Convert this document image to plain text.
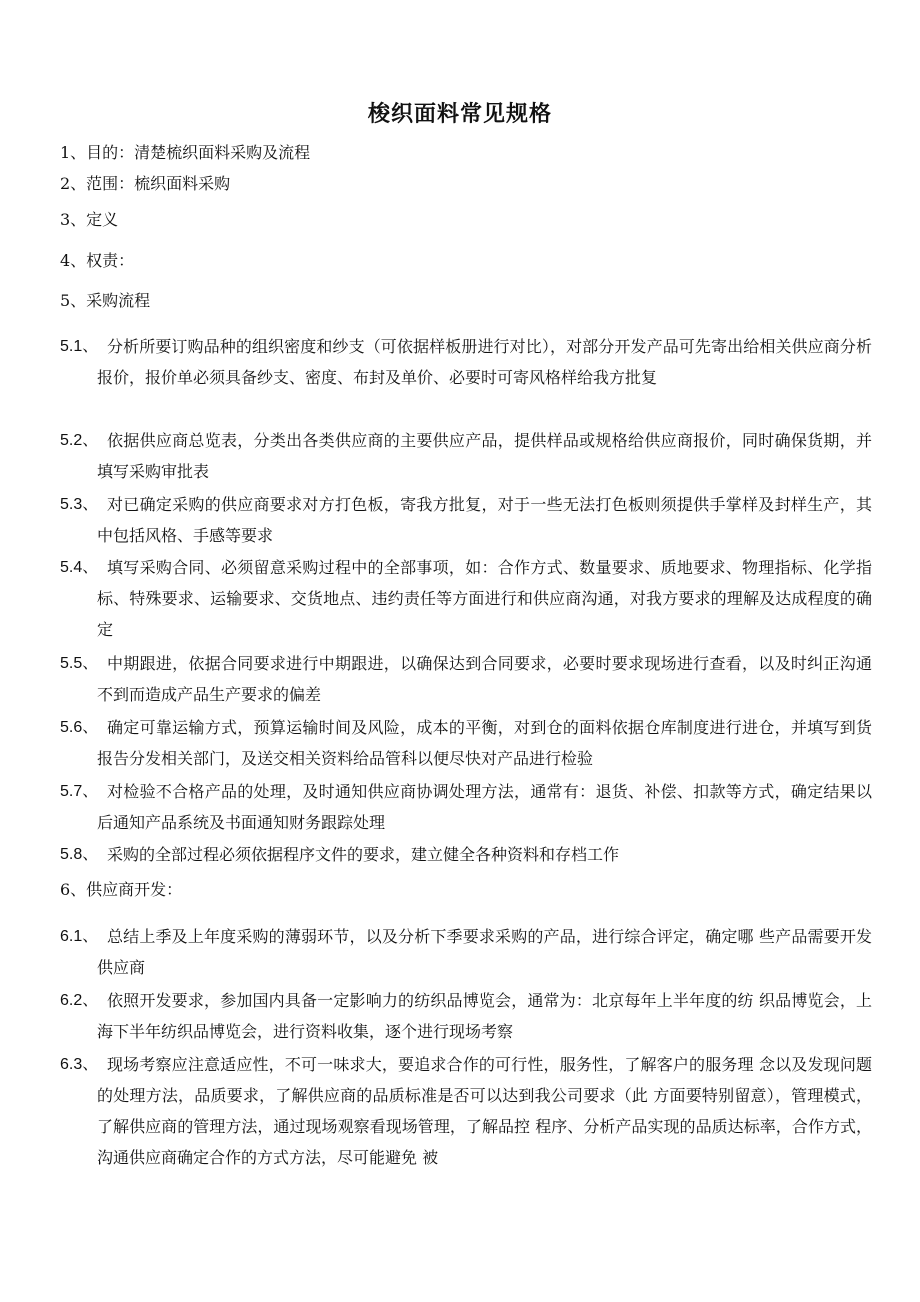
梭织面料常见规格
1、目的：清楚梳织面料采购及流程
2、范围：梳织面料采购
3、定义
4、权责：
5、采购流程
5.1、 分析所要订购品种的组织密度和纱支（可依据样板册进行对比），对部分开发产品可先寄出给相关供应商分析报价，报价单必须具备纱支、密度、布封及单价、必要时可寄风格样给我方批复
5.2、 依据供应商总览表，分类出各类供应商的主要供应产品，提供样品或规格给供应商报价，同时确保货期，并填写采购审批表
5.3、 对已确定采购的供应商要求对方打色板，寄我方批复，对于一些无法打色板则须提供手掌样及封样生产，其中包括风格、手感等要求
5.4、 填写采购合同、必须留意采购过程中的全部事项，如：合作方式、数量要求、质地要求、物理指标、化学指标、特殊要求、运输要求、交货地点、违约责任等方面进行和供应商沟通，对我方要求的理解及达成程度的确定
5.5、 中期跟进，依据合同要求进行中期跟进，以确保达到合同要求，必要时要求现场进行查看，以及时纠正沟通不到而造成产品生产要求的偏差
5.6、 确定可靠运输方式，预算运输时间及风险，成本的平衡，对到仓的面料依据仓库制度进行进仓，并填写到货报告分发相关部门，及送交相关资料给品管科以便尽快对产品进行检验
5.7、 对检验不合格产品的处理，及时通知供应商协调处理方法，通常有：退货、补偿、扣款等方式，确定结果以后通知产品系统及书面通知财务跟踪处理
5.8、 采购的全部过程必须依据程序文件的要求，建立健全各种资料和存档工作
6、供应商开发：
6.1、 总结上季及上年度采购的薄弱环节，以及分析下季要求采购的产品，进行综合评定，确定哪 些产品需要开发供应商
6.2、 依照开发要求，参加国内具备一定影响力的纺织品博览会，通常为：北京每年上半年度的纺 织品博览会，上海下半年纺织品博览会，进行资料收集，逐个进行现场考察
6.3、 现场考察应注意适应性，不可一味求大，要追求合作的可行性，服务性，了解客户的服务理 念以及发现问题的处理方法，品质要求，了解供应商的品质标准是否可以达到我公司要求（此 方面要特别留意），管理模式，了解供应商的管理方法，通过现场观察看现场管理，了解品控 程序、分析产品实现的品质达标率，合作方式，沟通供应商确定合作的方式方法，尽可能避免 被
